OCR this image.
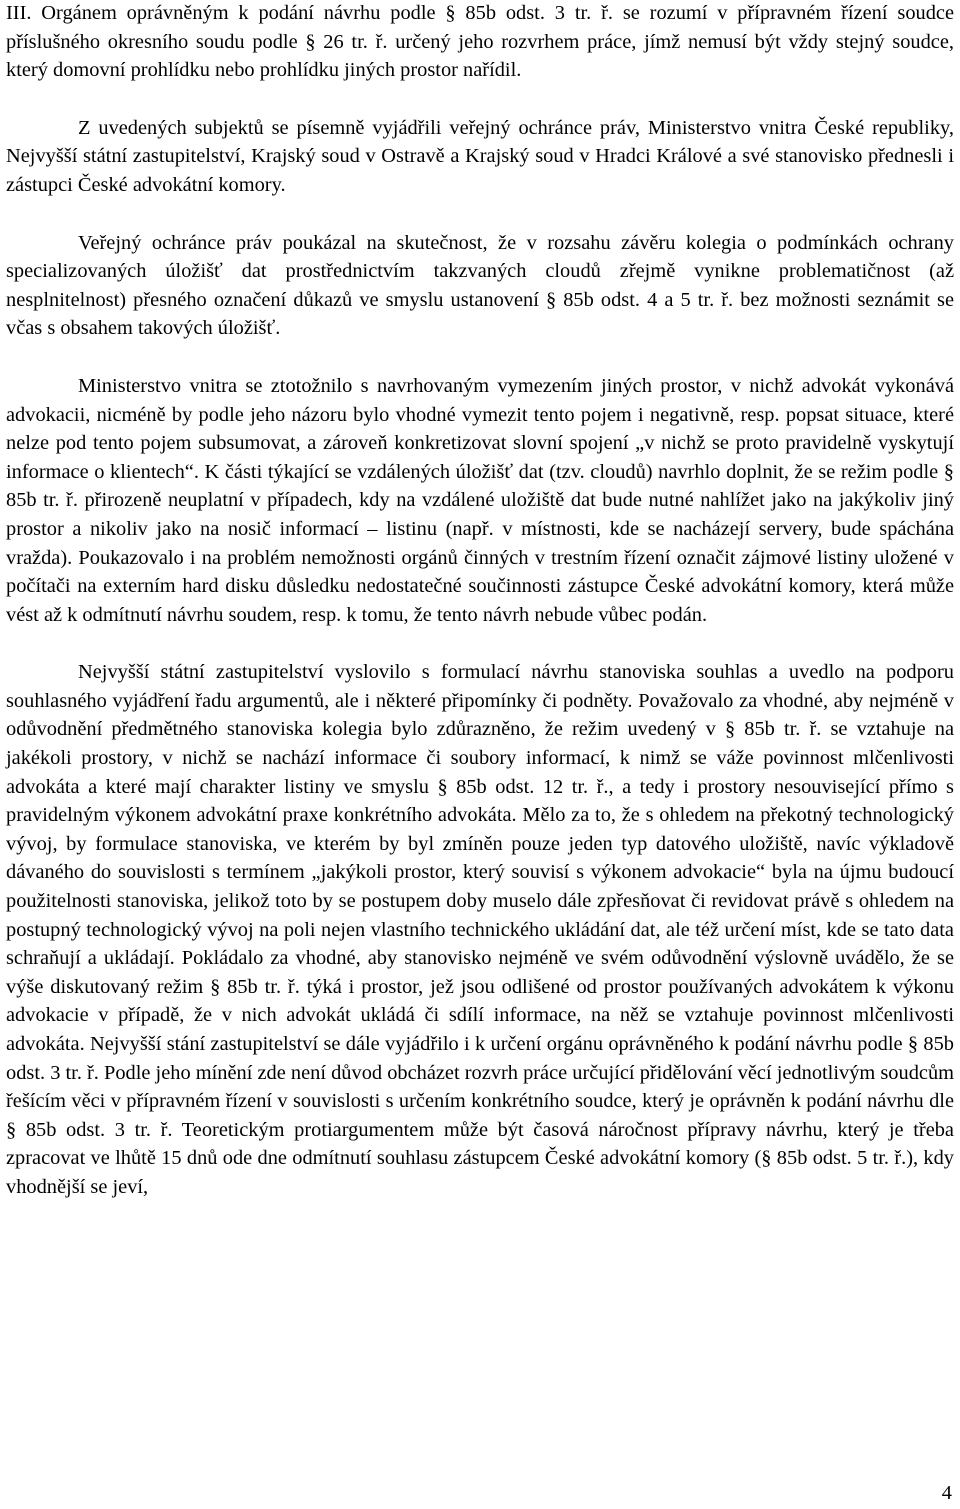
III. Orgánem oprávněným k podání návrhu podle § 85b odst. 3 tr. ř. se rozumí v přípravném řízení soudce příslušného okresního soudu podle § 26 tr. ř. určený jeho rozvrhem práce, jímž nemusí být vždy stejný soudce, který domovní prohlídku nebo prohlídku jiných prostor nařídil.

Z uvedených subjektů se písemně vyjádřili veřejný ochránce práv, Ministerstvo vnitra České republiky, Nejvyšší státní zastupitelství, Krajský soud v Ostravě a Krajský soud v Hradci Králové a své stanovisko přednesli i zástupci České advokátní komory.

Veřejný ochránce práv poukázal na skutečnost, že v rozsahu závěru kolegia o podmínkách ochrany specializovaných úložišť dat prostřednictvím takzvaných cloudů zřejmě vynikne problematičnost (až nesplnitelnost) přesného označení důkazů ve smyslu ustanovení § 85b odst. 4 a 5 tr. ř. bez možnosti seznámit se včas s obsahem takových úložišť.

Ministerstvo vnitra se ztotožnilo s navrhovaným vymezením jiných prostor, v nichž advokát vykonává advokacii, nicméně by podle jeho názoru bylo vhodné vymezit tento pojem i negativně, resp. popsat situace, které nelze pod tento pojem subsumovat, a zároveň konkretizovat slovní spojení „v nichž se proto pravidelně vyskytují informace o klientech“. K části týkající se vzdálených úložišť dat (tzv. cloudů) navrhlo doplnit, že se režim podle § 85b tr. ř. přirozeně neuplatní v případech, kdy na vzdálené uložiště dat bude nutné nahlížet jako na jakýkoliv jiný prostor a nikoliv jako na nosič informací – listinu (např. v místnosti, kde se nacházejí servery, bude spáchána vražda). Poukazovalo i na problém nemožnosti orgánů činných v trestním řízení označit zájmové listiny uložené v počítači na externím hard disku důsledku nedostatečné součinnosti zástupce České advokátní komory, která může vést až k odmítnutí návrhu soudem, resp. k tomu, že tento návrh nebude vůbec podán.

Nejvyšší státní zastupitelství vyslovilo s formulací návrhu stanoviska souhlas a uvedlo na podporu souhlasného vyjádření řadu argumentů, ale i některé připomínky či podněty. Považovalo za vhodné, aby nejméně v odůvodnění předmětného stanoviska kolegia bylo zdůrazněno, že režim uvedený v § 85b tr. ř. se vztahuje na jakékoli prostory, v nichž se nachází informace či soubory informací, k nimž se váže povinnost mlčenlivosti advokáta a které mají charakter listiny ve smyslu § 85b odst. 12 tr. ř., a tedy i prostory nesouvisející přímo s pravidelným výkonem advokátní praxe konkrétního advokáta. Mělo za to, že s ohledem na překotný technologický vývoj, by formulace stanoviska, ve kterém by byl zmíněn pouze jeden typ datového uložiště, navíc výkladově dávaného do souvislosti s termínem „jakýkoli prostor, který souvisí s výkonem advokacie“ byla na újmu budoucí použitelnosti stanoviska, jelikož toto by se postupem doby muselo dále zpřesňovat či revidovat právě s ohledem na postupný technologický vývoj na poli nejen vlastního technického ukládání dat, ale též určení míst, kde se tato data schraňují a ukládají. Pokládalo za vhodné, aby stanovisko nejméně ve svém odůvodnění výslovně uvádělo, že se výše diskutovaný režim § 85b tr. ř. týká i prostor, jež jsou odlišené od prostor používaných advokátem k výkonu advokacie v případě, že v nich advokát ukládá či sdílí informace, na něž se vztahuje povinnost mlčenlivosti advokáta. Nejvyšší stání zastupitelství se dále vyjádřilo i k určení orgánu oprávněného k podání návrhu podle § 85b odst. 3 tr. ř. Podle jeho mínění zde není důvod obcházet rozvrh práce určující přidělování věcí jednotlivým soudcům řešícím věci v přípravném řízení v souvislosti s určením konkrétního soudce, který je oprávněn k podání návrhu dle § 85b odst. 3 tr. ř. Teoretickým protiargumentem může být časová náročnost přípravy návrhu, který je třeba zpracovat ve lhůtě 15 dnů ode dne odmítnutí souhlasu zástupcem České advokátní komory (§ 85b odst. 5 tr. ř.), kdy vhodnější se jeví,

4
